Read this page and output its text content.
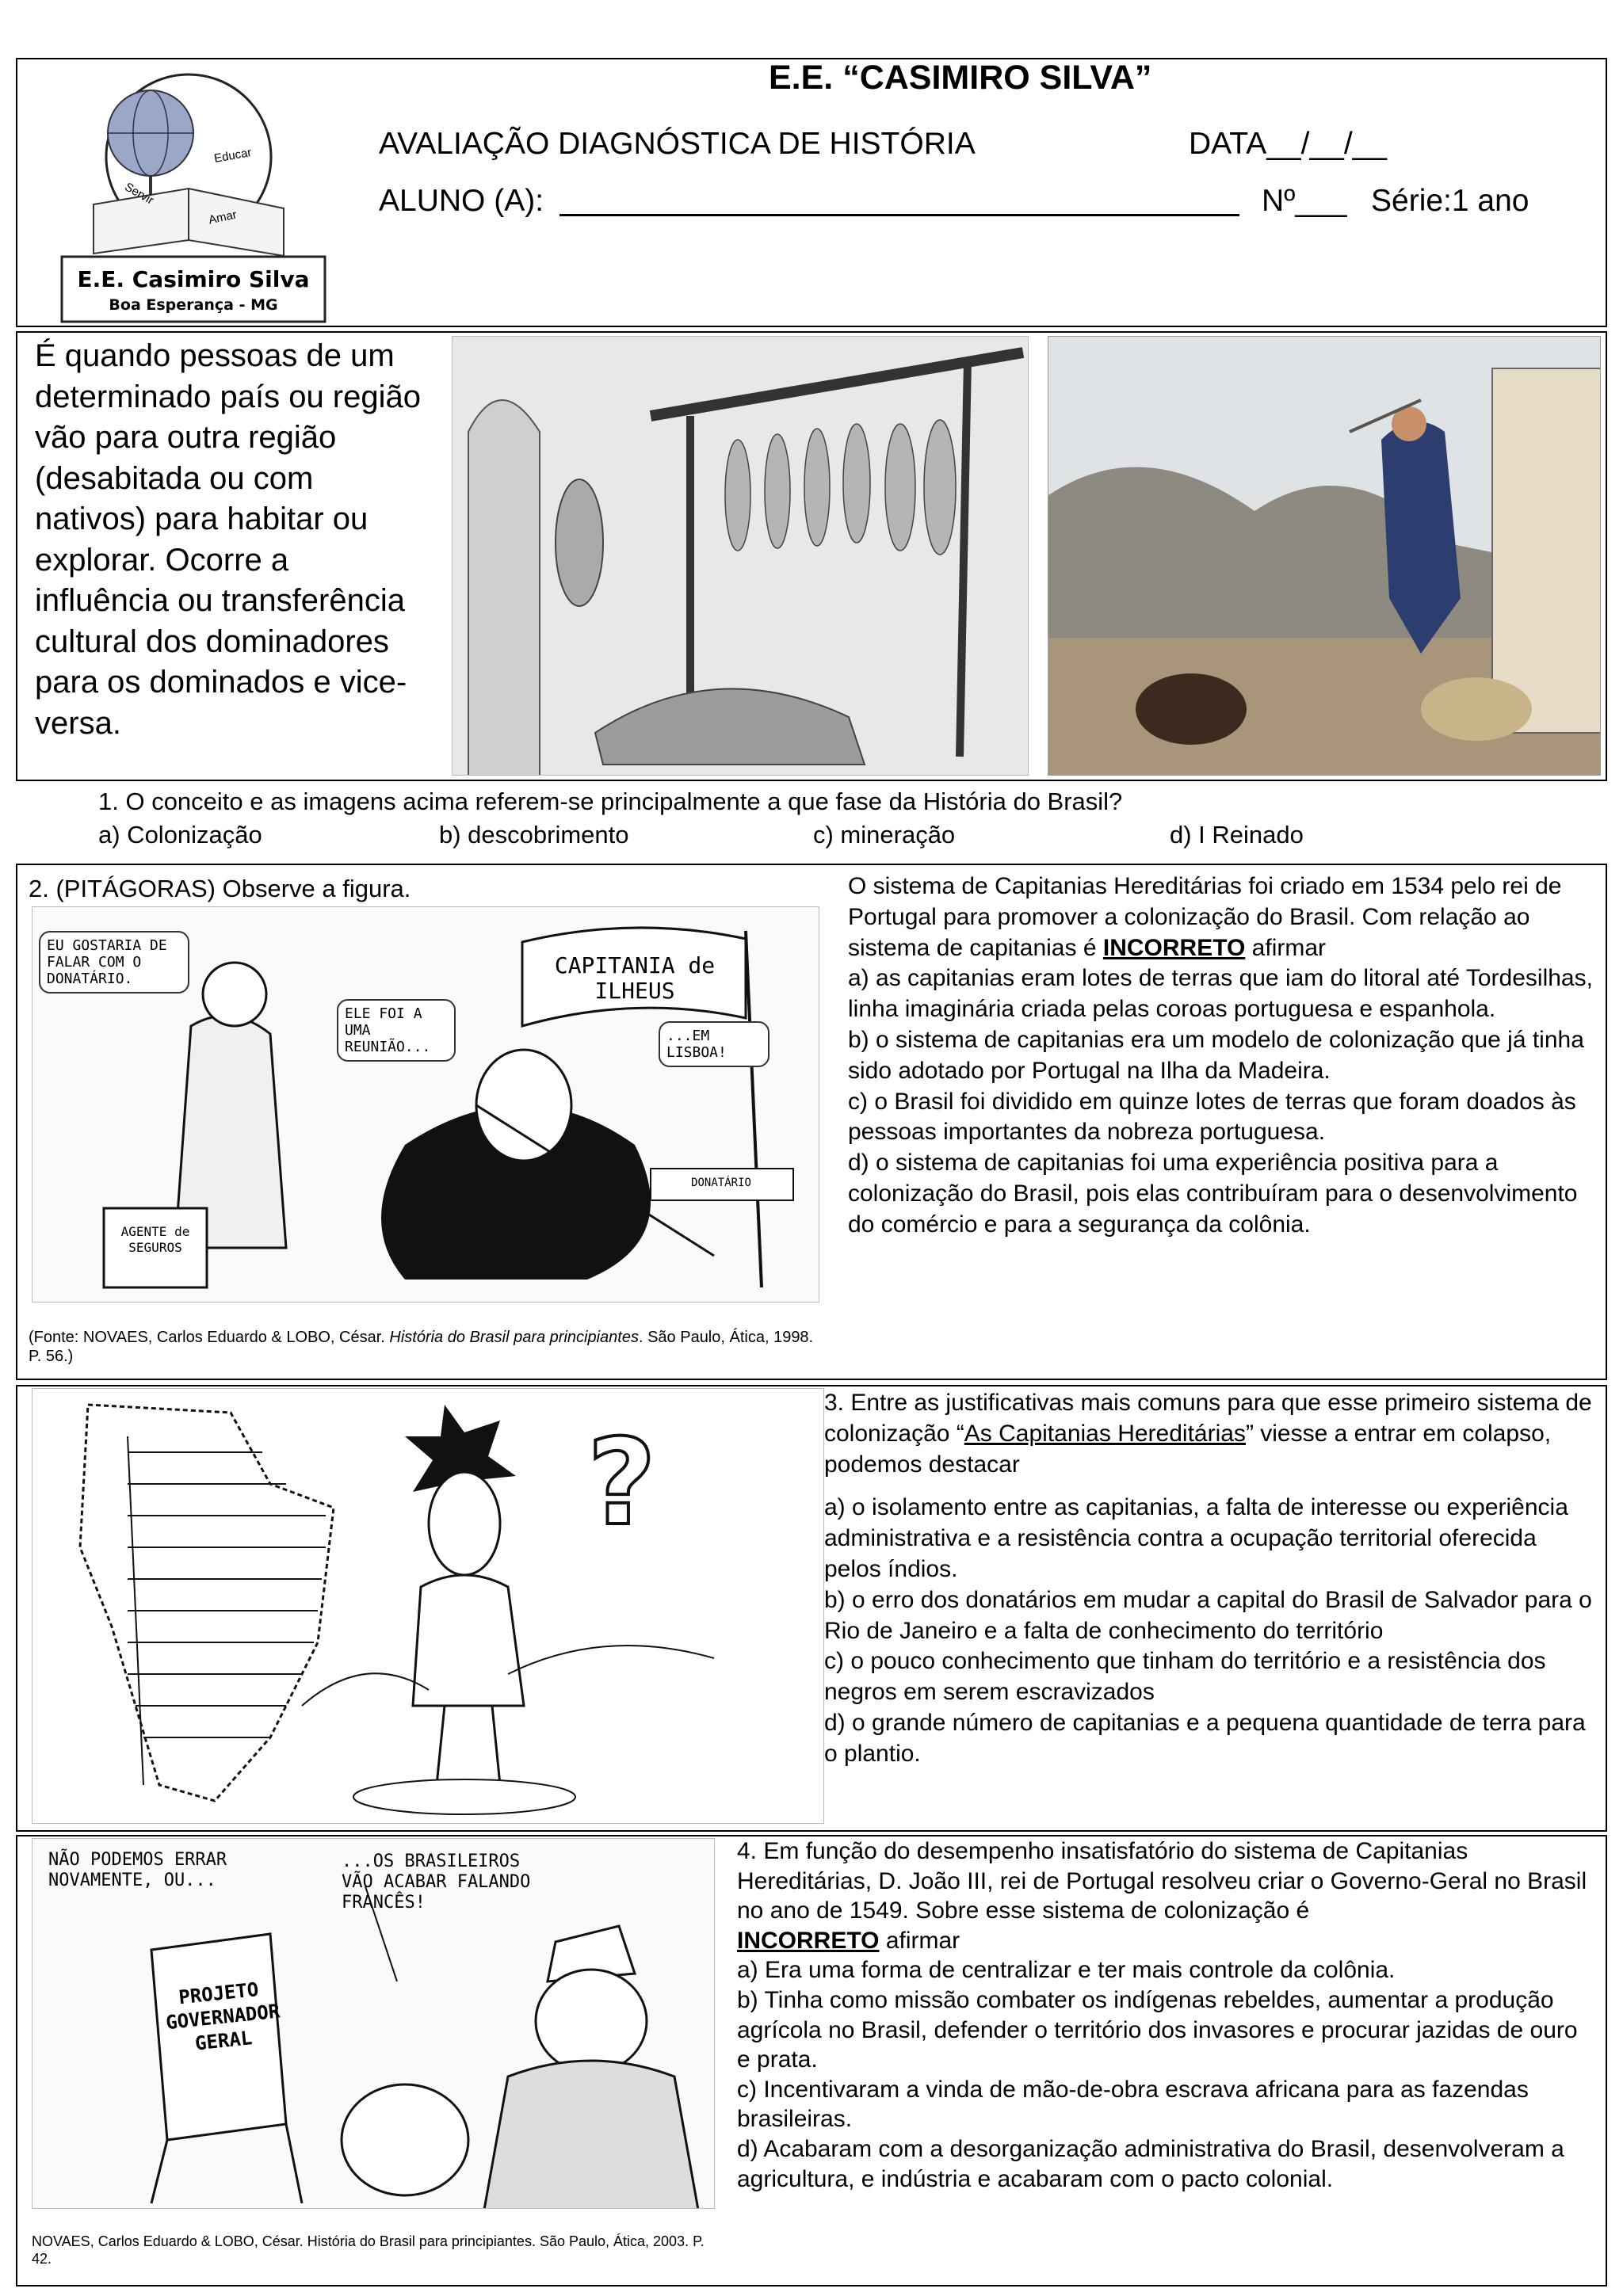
Educar
Servir
Amar
E.E. Casimiro Silva
Boa Esperança - MG
E.E. “CASIMIRO SILVA”
AVALIAÇÃO DIAGNÓSTICA DE HISTÓRIA	DATA__/__/__
ALUNO (A):	Nº___ Série:1 ano
É quando pessoas de um determinado país ou região vão para outra região (desabitada ou com nativos) para habitar ou explorar. Ocorre a influência ou transferência cultural dos dominadores para os dominados e vice-versa.
1. O conceito e as imagens acima referem-se principalmente a que fase da História do Brasil?
a) Colonização	b) descobrimento	c) mineração	d) I Reinado
2. (PITÁGORAS) Observe a figura.
EU GOSTARIA DE FALAR COM O DONATÁRIO.
ELE FOI A UMA REUNIÃO...
...EM LISBOA!
CAPITANIA de ILHEUS
AGENTE de SEGUROS
DONATÁRIO
(Fonte: NOVAES, Carlos Eduardo & LOBO, César. História do Brasil para principiantes. São Paulo, Ática, 1998. P. 56.)
O sistema de Capitanias Hereditárias foi criado em 1534 pelo rei de Portugal para promover a colonização do Brasil. Com relação ao sistema de capitanias é INCORRETO afirmar
a) as capitanias eram lotes de terras que iam do litoral até Tordesilhas, linha imaginária criada pelas coroas portuguesa e espanhola.
b) o sistema de capitanias era um modelo de colonização que já tinha sido adotado por Portugal na Ilha da Madeira.
c) o Brasil foi dividido em quinze lotes de terras que foram doados às pessoas importantes da nobreza portuguesa.
d) o sistema de capitanias foi uma experiência positiva para a colonização do Brasil, pois elas contribuíram para o desenvolvimento do comércio e para a segurança da colônia.
?
3. Entre as justificativas mais comuns para que esse primeiro sistema de colonização “As Capitanias Hereditárias” viesse a entrar em colapso, podemos destacar
a) o isolamento entre as capitanias, a falta de interesse ou experiência administrativa e a resistência contra a ocupação territorial oferecida pelos índios.
b) o erro dos donatários em mudar a capital do Brasil de Salvador para o Rio de Janeiro e a falta de conhecimento do território
c) o pouco conhecimento que tinham do território e a resistência dos negros em serem escravizados
d) o grande número de capitanias e a pequena quantidade de terra para o plantio.
NÃO PODEMOS ERRAR NOVAMENTE, OU...
...OS BRASILEIROS VÃO ACABAR FALANDO FRANCÊS!
PROJETO GOVERNADOR GERAL
NOVAES, Carlos Eduardo & LOBO, César. História do Brasil para principiantes. São Paulo, Ática, 2003. P. 42.
4. Em função do desempenho insatisfatório do sistema de Capitanias Hereditárias, D. João III, rei de Portugal resolveu criar o Governo-Geral no Brasil no ano de 1549. Sobre esse sistema de colonização é
INCORRETO afirmar
a) Era uma forma de centralizar e ter mais controle da colônia.
b) Tinha como missão combater os indígenas rebeldes, aumentar a produção agrícola no Brasil, defender o território dos invasores e procurar jazidas de ouro e prata.
c) Incentivaram a vinda de mão-de-obra escrava africana para as fazendas brasileiras.
d) Acabaram com a desorganização administrativa do Brasil, desenvolveram a agricultura, e indústria e acabaram com o pacto colonial.
